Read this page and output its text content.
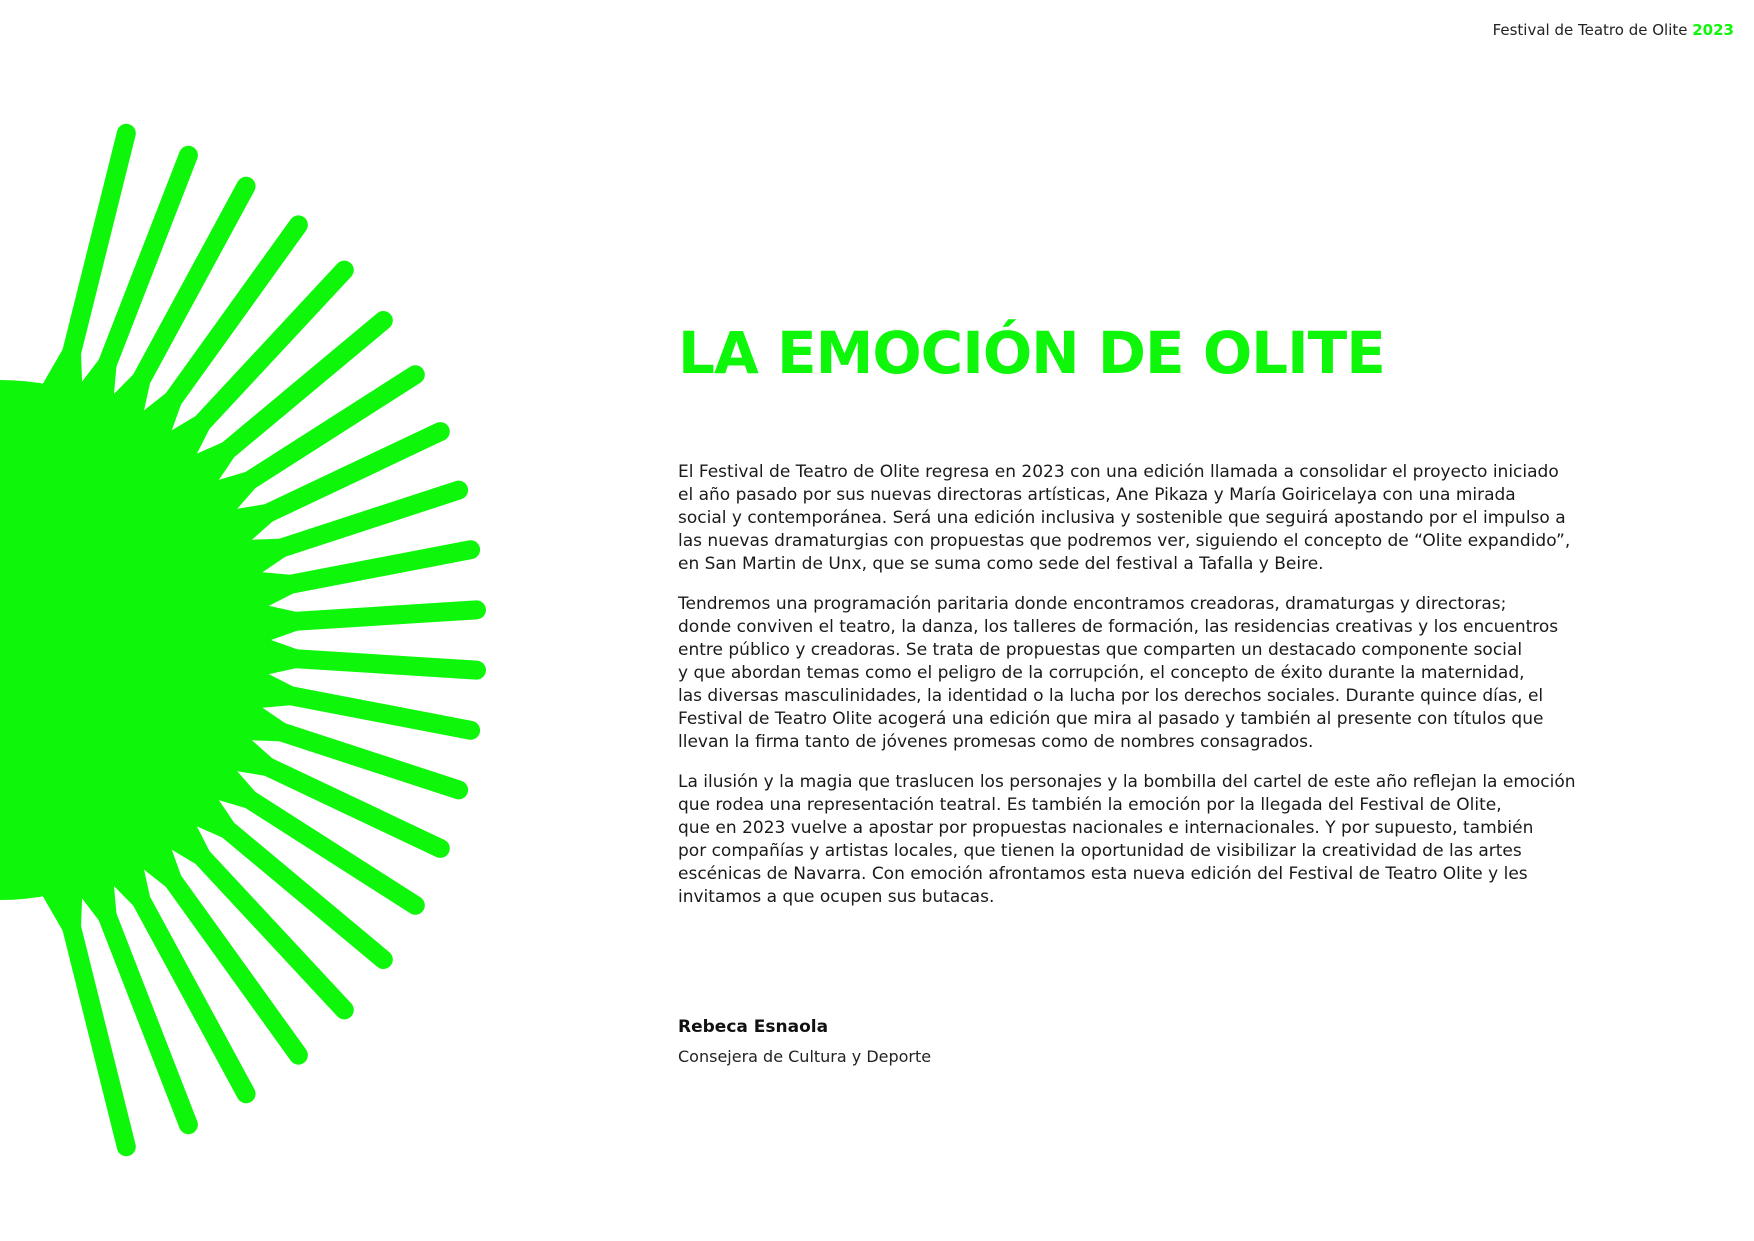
Festival de Teatro de Olite 2023
LA EMOCIÓN DE OLITE
El Festival de Teatro de Olite regresa en 2023 con una edición llamada a consolidar el proyecto iniciado
el año pasado por sus nuevas directoras artísticas, Ane Pikaza y María Goiricelaya con una mirada
social y contemporánea. Será una edición inclusiva y sostenible que seguirá apostando por el impulso a
las nuevas dramaturgias con propuestas que podremos ver, siguiendo el concepto de “Olite expandido”,
en San Martin de Unx, que se suma como sede del festival a Tafalla y Beire.
Tendremos una programación paritaria donde encontramos creadoras, dramaturgas y directoras;
donde conviven el teatro, la danza, los talleres de formación, las residencias creativas y los encuentros
entre público y creadoras. Se trata de propuestas que comparten un destacado componente social
y que abordan temas como el peligro de la corrupción, el concepto de éxito durante la maternidad,
las diversas masculinidades, la identidad o la lucha por los derechos sociales. Durante quince días, el
Festival de Teatro Olite acogerá una edición que mira al pasado y también al presente con títulos que
llevan la firma tanto de jóvenes promesas como de nombres consagrados.
La ilusión y la magia que traslucen los personajes y la bombilla del cartel de este año reflejan la emoción
que rodea una representación teatral. Es también la emoción por la llegada del Festival de Olite,
que en 2023 vuelve a apostar por propuestas nacionales e internacionales. Y por supuesto, también
por compañías y artistas locales, que tienen la oportunidad de visibilizar la creatividad de las artes
escénicas de Navarra. Con emoción afrontamos esta nueva edición del Festival de Teatro Olite y les
invitamos a que ocupen sus butacas.
Rebeca Esnaola
Consejera de Cultura y Deporte
